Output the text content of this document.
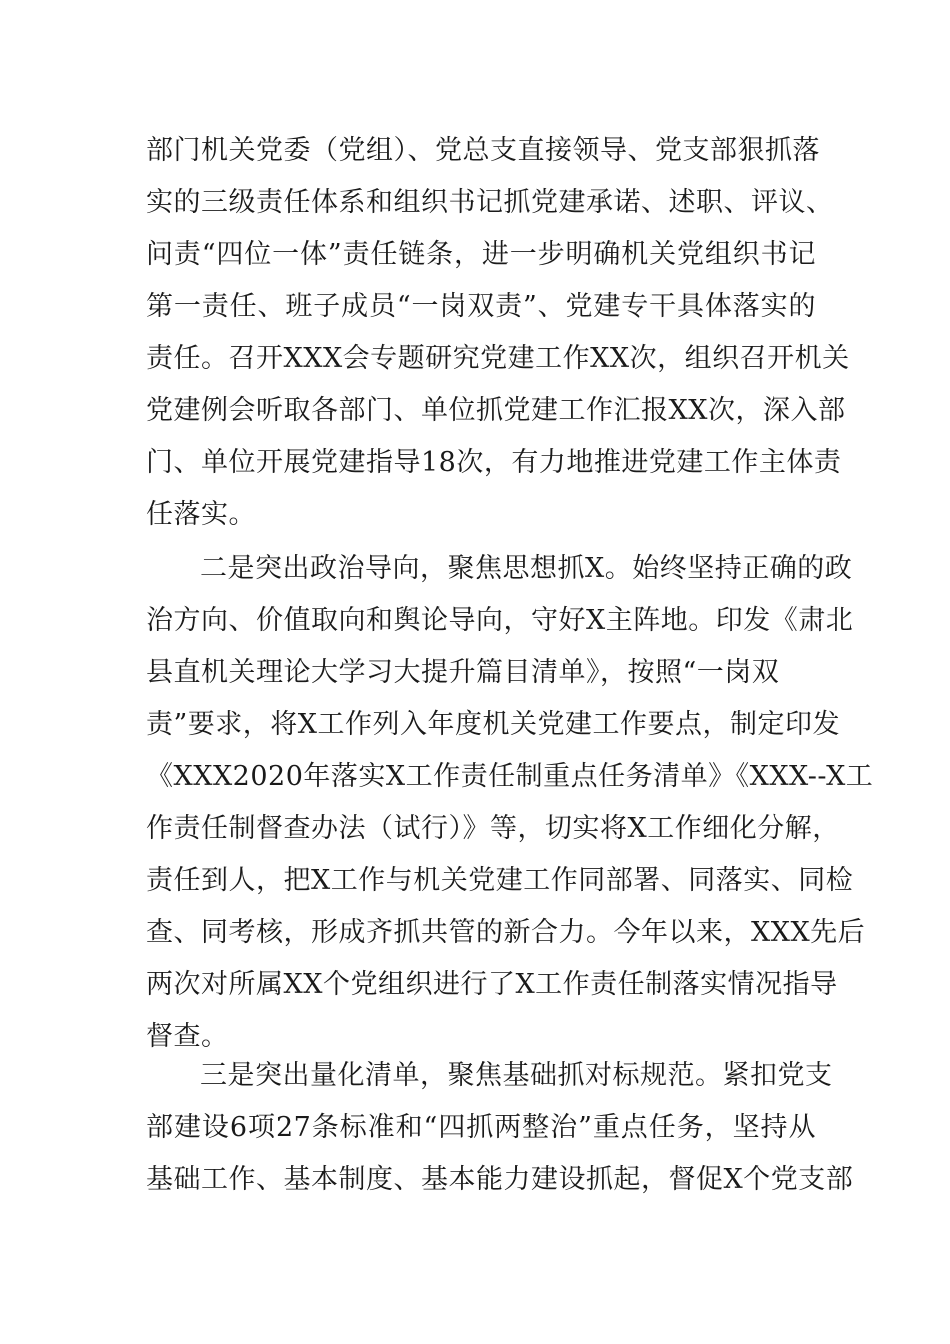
部门机关党委（党组）、党总支直接领导、党支部狠抓落
实的三级责任体系和组织书记抓党建承诺、述职、评议、
问责“四位一体”责任链条，进一步明确机关党组织书记
第一责任、班子成员“一岗双责”、党建专干具体落实的
责任。召开XXX会专题研究党建工作XX次，组织召开机关
党建例会听取各部门、单位抓党建工作汇报XX次，深入部
门、单位开展党建指导18次，有力地推进党建工作主体责
任落实。
二是突出政治导向，聚焦思想抓X。始终坚持正确的政
治方向、价值取向和舆论导向，守好X主阵地。印发《肃北
县直机关理论大学习大提升篇目清单》，按照“一岗双
责”要求，将X工作列入年度机关党建工作要点，制定印发
《XXX2020年落实X工作责任制重点任务清单》《XXX--X工
作责任制督查办法（试行）》等，切实将X工作细化分解，
责任到人，把X工作与机关党建工作同部署、同落实、同检
查、同考核，形成齐抓共管的新合力。今年以来，XXX先后
两次对所属XX个党组织进行了X工作责任制落实情况指导
督查。
三是突出量化清单，聚焦基础抓对标规范。紧扣党支
部建设6项27条标准和“四抓两整治”重点任务，坚持从
基础工作、基本制度、基本能力建设抓起，督促X个党支部
